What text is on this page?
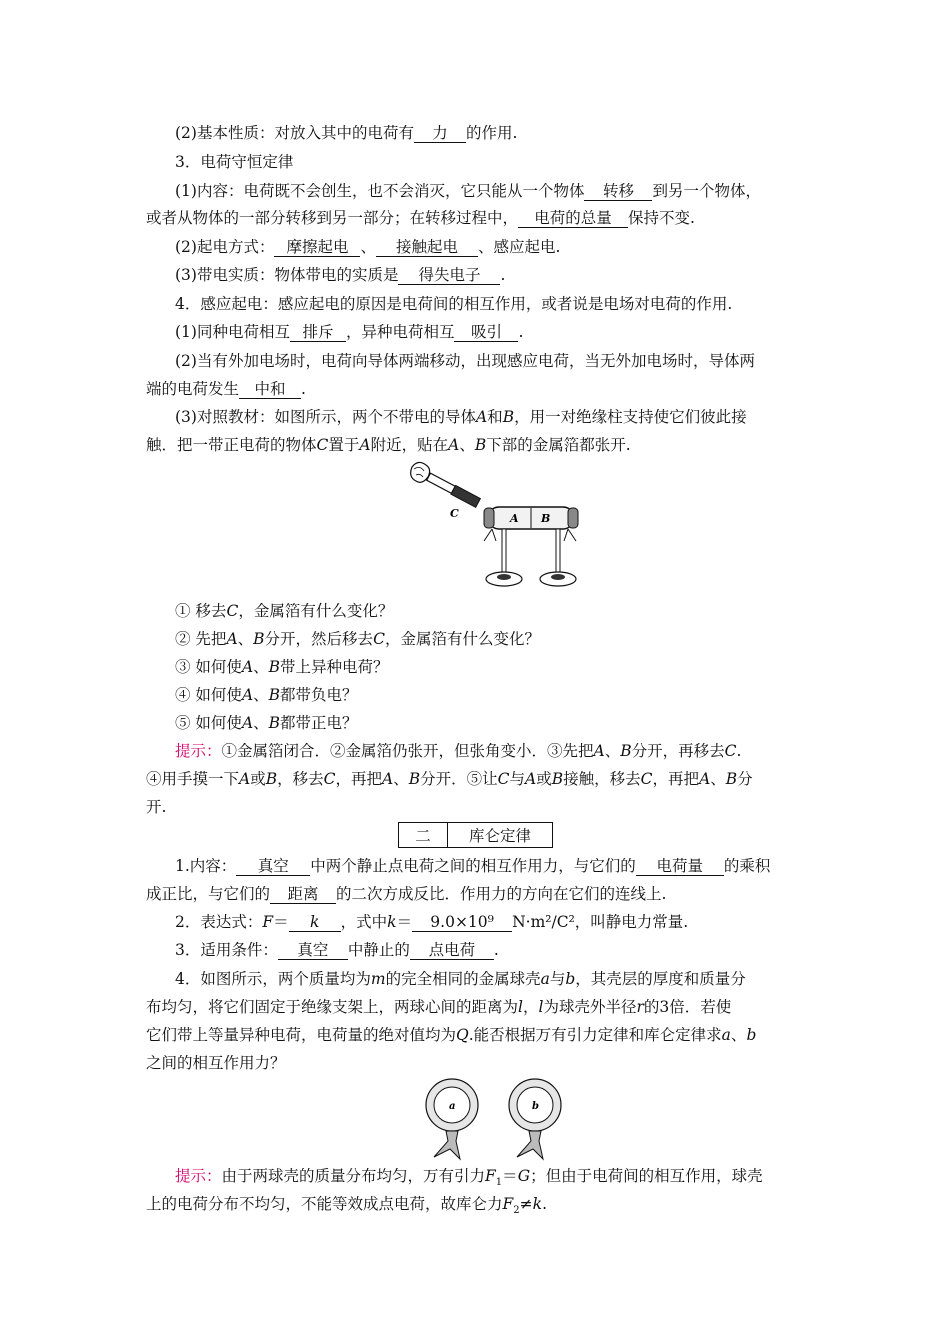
(2)基本性质：对放入其中的电荷有 力 的作用.
3．电荷守恒定律
(1)内容：电荷既不会创生，也不会消灭，它只能从一个物体 转移 到另一个物体，
或者从物体的一部分转移到另一部分；在转移过程中， 电荷的总量 保持不变.
(2)起电方式： 摩擦起电 、 接触起电 、感应起电.
(3)带电实质：物体带电的实质是 得失电子 .
4．感应起电：感应起电的原因是电荷间的相互作用，或者说是电场对电荷的作用.
(1)同种电荷相互 排斥 ，异种电荷相互 吸引 .
(2)当有外加电场时，电荷向导体两端移动，出现感应电荷，当无外加电场时，导体两
端的电荷发生 中和 .
(3)对照教材：如图所示，两个不带电的导体A和B，用一对绝缘柱支持使它们彼此接
触．把一带正电荷的物体C置于A附近，贴在A、B下部的金属箔都张开.
C	A B
① 移去C，金属箔有什么变化？
② 先把A、B分开，然后移去C，金属箔有什么变化？
③ 如何使A、B带上异种电荷？
④ 如何使A、B都带负电？
⑤ 如何使A、B都带正电？
提示：①金属箔闭合．②金属箔仍张开，但张角变小．③先把A、B分开，再移去C.
④用手摸一下A或B，移去C，再把A、B分开．⑤让C与A或B接触，移去C，再把A、B分
开.
二	库仑定律
1.内容： 真空 中两个静止点电荷之间的相互作用力，与它们的 电荷量 的乘积
成正比，与它们的 距离 的二次方成反比．作用力的方向在它们的连线上.
2．表达式：F＝ k ，式中k＝ 9.0×10⁹ N·m²/C²，叫静电力常量.
3．适用条件： 真空 中静止的 点电荷 .
4．如图所示，两个质量均为m的完全相同的金属球壳a与b，其壳层的厚度和质量分
布均匀，将它们固定于绝缘支架上，两球心间的距离为l，l为球壳外半径r的3倍．若使
它们带上等量异种电荷，电荷量的绝对值均为Q.能否根据万有引力定律和库仑定律求a、b
之间的相互作用力？
a	b
提示：由于两球壳的质量分布均匀，万有引力$F_1=G$；但由于电荷间的相互作用，球壳
上的电荷分布不均匀，不能等效成点电荷，故库仑力$F_2\ne k$.
